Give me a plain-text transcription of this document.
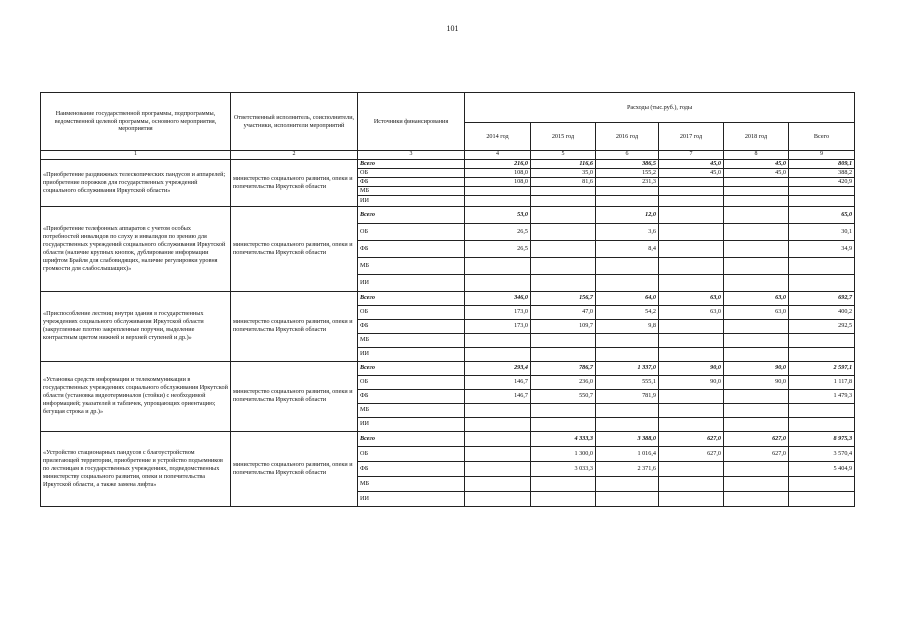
101
Наименование государственной программы, подпрограммы, ведомственной целевой программы, основного мероприятия, мероприятия	Ответственный исполнитель, соисполнители, участники, исполнители мероприятий	Источники финансирования	Расходы (тыс.руб.), годы					
			2014 год	2015 год	2016 год	2017 год	2018 год	Всего
1	2	3	4	5	6	7	8	9
«Приобретение раздвижных телескопических пандусов и аппарелей; приобретение порожков для государственных учреждений социального обслуживания Иркутской области»	министерство социального развития, опеки и попечительства Иркутской области	Всего	216,0	116,6	386,5	45,0	45,0	809,1
		ОБ	108,0	35,0	155,2	45,0	45,0	388,2
		ФБ	108,0	81,6	231,3			420,9
		МБ						
		ИИ						
«Приобретение телефонных аппаратов с учетом особых потребностей инвалидов по слуху и инвалидов по зрению для государственных учреждений социального обслуживания Иркутской области (наличие крупных кнопок, дублирование информации шрифтом Брайля для слабовидящих, наличие регулировки уровня громкости для слабослышащих)»	министерство социального развития, опеки и попечительства Иркутской области	Всего	53,0		12,0			65,0
		ОБ	26,5		3,6			30,1
		ФБ	26,5		8,4			34,9
		МБ						
		ИИ						
«Приспособление лестниц внутри здания в государственных учреждениях социального обслуживания Иркутской области (закругленные плотно закрепленные поручни, выделение контрастным цветом нижней и верхней ступеней и др.)»	министерство социального развития, опеки и попечительства Иркутской области	Всего	346,0	156,7	64,0	63,0	63,0	692,7
		ОБ	173,0	47,0	54,2	63,0	63,0	400,2
		ФБ	173,0	109,7	9,8			292,5
		МБ						
		ИИ						
«Установка средств информации и телекоммуникации в государственных учреждениях социального обслуживания Иркутской области (установка видеотерминалов (стойки) с необходимой информацией; указателей и табличек, упрощающих ориентацию; бегущая строка и др.)»	министерство социального развития, опеки и попечительства Иркутской области	Всего	293,4	786,7	1 337,0	90,0	90,0	2 597,1
		ОБ	146,7	236,0	555,1	90,0	90,0	1 117,8
		ФБ	146,7	550,7	781,9			1 479,3
		МБ						
		ИИ						
«Устройство стационарных пандусов с благоустройством прилегающей территории, приобретение и устройство подъемников по лестницам в государственных учреждениях, подведомственных министерству социального развития, опеки и попечительства Иркутской области, а также замена лифта»	министерство социального развития, опеки и попечительства Иркутской области	Всего		4 333,3	3 388,0	627,0	627,0	8 975,3
		ОБ		1 300,0	1 016,4	627,0	627,0	3 570,4
		ФБ		3 033,3	2 371,6			5 404,9
		МБ						
		ИИ						
